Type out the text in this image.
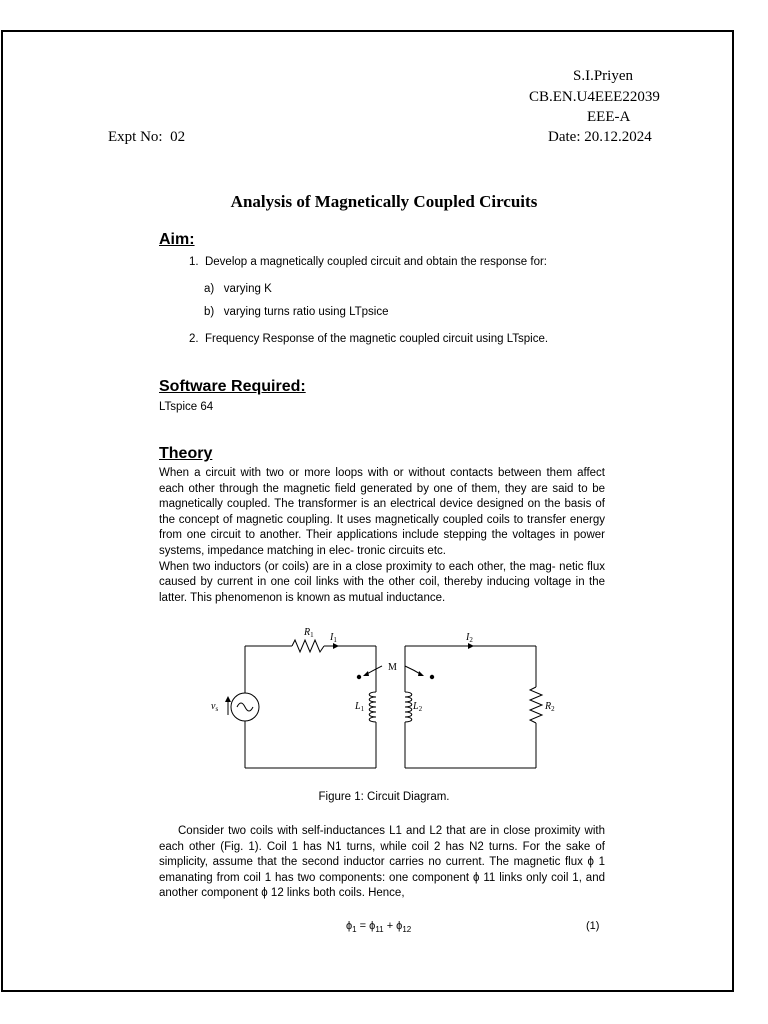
S.I.Priyen
CB.EN.U4EEE22039
EEE-A
Expt No:  02	Date: 20.12.2024
Analysis of Magnetically Coupled Circuits
Aim:
1.  Develop a magnetically coupled circuit and obtain the response for:
a)   varying K
b)   varying turns ratio using LTpsice
2.  Frequency Response of the magnetic coupled circuit using LTspice.
Software Required:
LTspice 64
Theory

When a circuit with two or more loops with or without contacts between them affect each other through the magnetic field generated by one of them, they are said to be magnetically coupled. The transformer is an electrical device designed on the basis of the concept of magnetic coupling. It uses magnetically coupled coils to transfer energy from one circuit to another. Their applications include stepping the voltages in power systems, impedance matching in elec- tronic circuits etc.

When two inductors (or coils) are in a close proximity to each other, the mag- netic flux caused by current in one coil links with the other coil, thereby inducing voltage in the latter. This phenomenon is known as mutual inductance.

$R_1$ $I_1$	$I_2$
M
$v_s$	$L_1$	$L_2$	$R_2$
Figure 1: Circuit Diagram.

Consider two coils with self-inductances L1 and L2 that are in close proximity with each other (Fig. 1). Coil 1 has N1 turns, while coil 2 has N2 turns. For the sake of simplicity, assume that the second inductor carries no current. The magnetic flux ϕ 1 emanating from coil 1 has two components: one component ϕ 11 links only coil 1, and another component ϕ 12 links both coils. Hence,

$\phi_1 = \phi_{11} + \phi_{12}$	(1)
